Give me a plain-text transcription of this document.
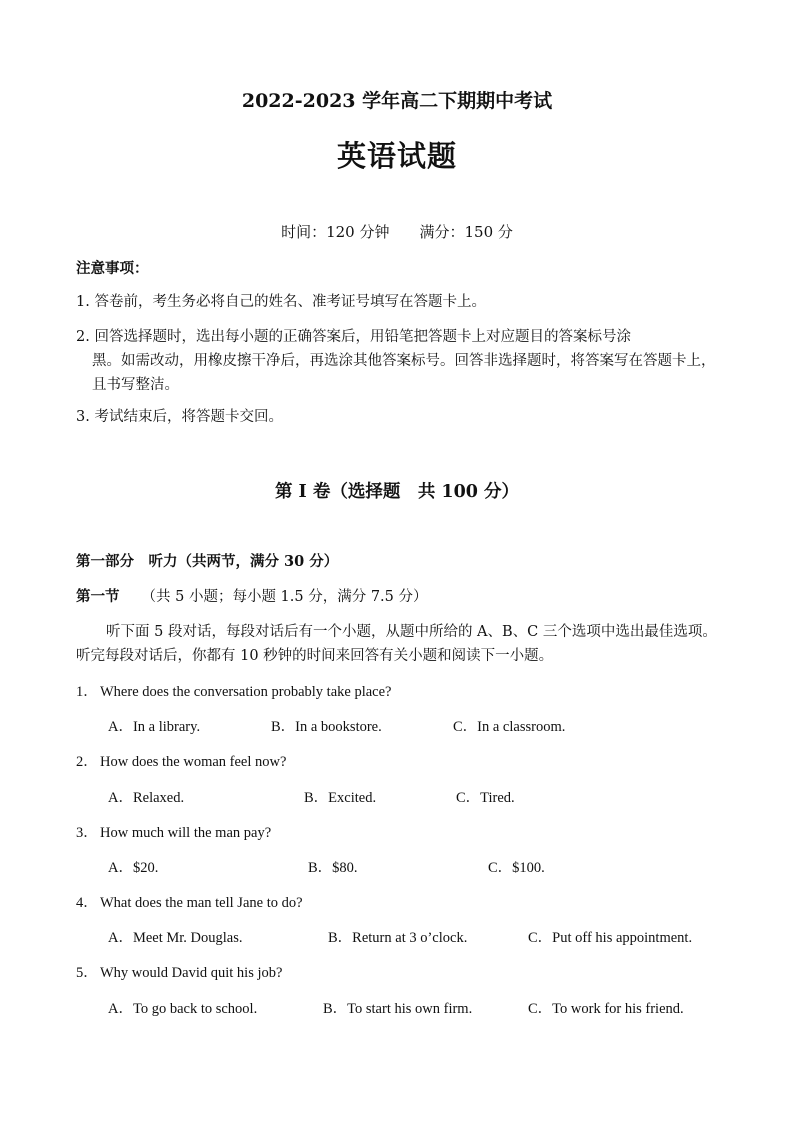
2022-2023 学年高二下期期中考试
英语试题
时间：120 分钟 满分：150 分
注意事项：
1. 答卷前，考生务必将自己的姓名、准考证号填写在答题卡上。
2. 回答选择题时，选出每小题的正确答案后，用铅笔把答题卡上对应题目的答案标号涂
黑。如需改动，用橡皮擦干净后，再选涂其他答案标号。回答非选择题时，将答案写在答题卡上，且书写整洁。
3. 考试结束后，将答题卡交回。
第 I 卷（选择题　共 100 分）
第一部分　听力（共两节，满分 30 分）
第一节 （共 5 小题；每小题 1.5 分，满分 7.5 分）
听下面 5 段对话，每段对话后有一个小题，从题中所给的 A、B、C 三个选项中选出最佳选项。听完每段对话后，你都有 10 秒钟的时间来回答有关小题和阅读下一小题。
1． Where does the conversation probably take place?
A．In a library.	B．In a bookstore.	C．In a classroom.
2． How does the woman feel now?
A．Relaxed.	B．Excited.	C．Tired.
3． How much will the man pay?
A．$20.	B．$80.	C．$100.
4． What does the man tell Jane to do?
A．Meet Mr. Douglas.	B．Return at 3 o’clock.	C．Put off his appointment.
5． Why would David quit his job?
A．To go back to school.	B．To start his own firm.	C．To work for his friend.
